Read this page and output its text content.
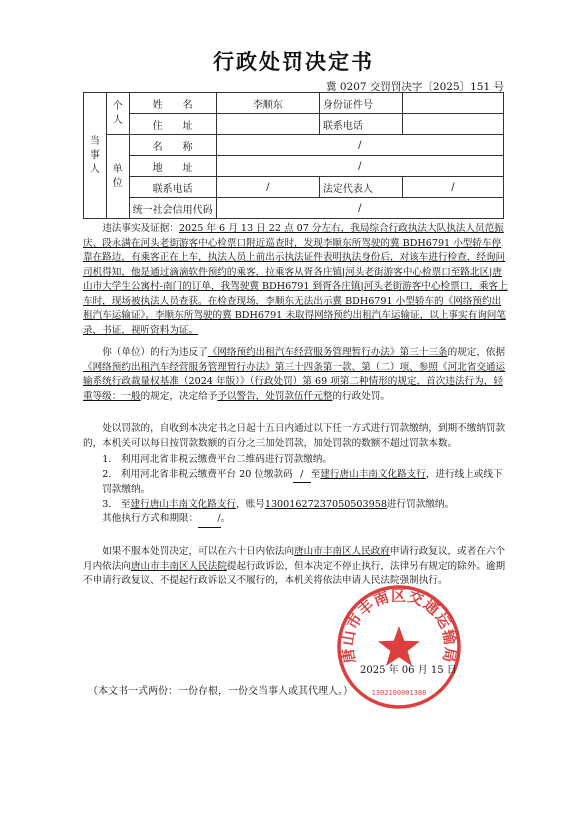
行政处罚决定书
冀 0207 交罚罚决字〔2025〕151 号
当事人	个人	姓　　名	李顺东	身份证件号	
		住　　址		联系电话	
	单位	名　　称	/		
		地　　址	/		
		联系电话	/	法定代表人	/
		统一社会信用代码	/		

违法事实及证据：2025 年 6 月 13 日 22 点 07 分左右，我局综合行政执法大队执法人员范振庆、段永满在河头老街游客中心检票口附近巡查时，发现李顺东所驾驶的冀 BDH6791 小型轿车停靠在路边，有乘客正在上车，执法人员上前出示执法证件表明执法身份后，对该车进行检查，经询问司机得知，他是通过滴滴软件预约的乘客，拉乘客从胥各庄镇|河头老街游客中心检票口至路北区|唐山市大学生公寓村-南门的订单，我驾驶冀 BDH6791 到胥各庄镇|河头老街游客中心检票口，乘客上车时，现场被执法人员查获。在检查现场，李顺东无法出示冀 BDH6791 小型轿车的《网络预约出租汽车运输证》。李顺东所驾驶的冀 BDH6791 未取得网络预约出租汽车运输证，以上事实有询问笔录，书证，视听资料为证。

你（单位）的行为违反了《网络预约出租汽车经营服务管理暂行办法》第三十三条的规定，依据《网络预约出租汽车经营服务管理暂行办法》第三十四条第一款、第（二）项、参照《河北省交通运输系统行政裁量权基准（2024 年版）》（行政处罚）第 69 项第二种情形的规定，首次违法行为，轻重等级：一般的规定，决定给予予以警告，处罚款伍仟元整的行政处罚。

处以罚款的，自收到本决定书之日起十五日内通过以下任一方式进行罚款缴纳，到期不缴纳罚款的，本机关可以每日按罚款数额的百分之三加处罚款，加处罚款的数额不超过罚款本数。

1.　利用河北省非税云缴费平台二维码进行罚款缴纳。

2.　利用河北省非税云缴费平台 20 位缴款码 / 至建行唐山丰南文化路支行，进行线上或线下罚款缴纳。

3.　至建行唐山丰南文化路支行，账号13001627237050503958进行罚款缴纳。

其他执行方式和期限： /。

如果不服本处罚决定，可以在六十日内依法向唐山市丰南区人民政府申请行政复议，或者在六个月内依法向唐山市丰南区人民法院提起行政诉讼，但本决定不停止执行，法律另有规定的除外。逾期不申请行政复议、不提起行政诉讼又不履行的，本机关将依法申请人民法院强制执行。

唐山市丰南区交通运输局
1302100001388
2025 年 06 月 15 日
（本文书一式两份：一份存根，一份交当事人或其代理人。）
